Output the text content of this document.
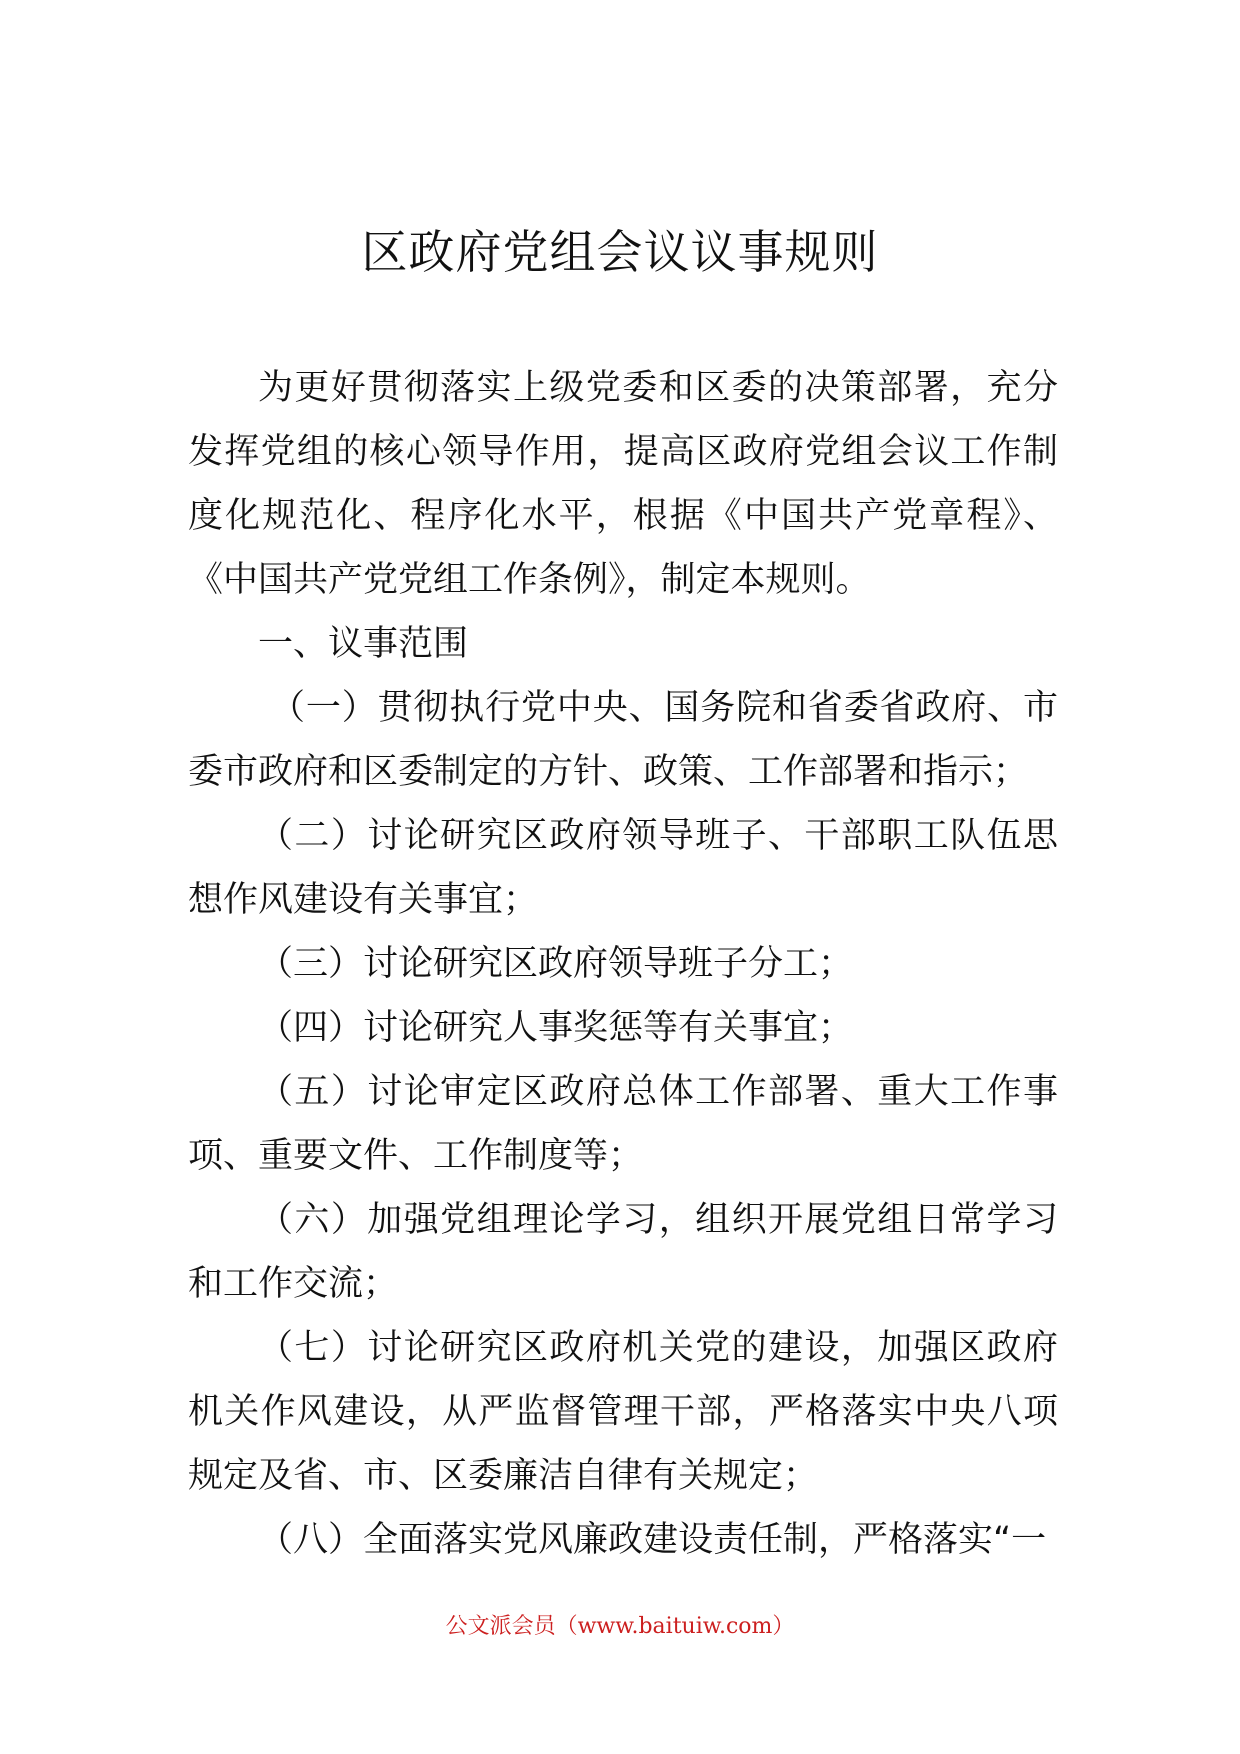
区政府党组会议议事规则

为更好贯彻落实上级党委和区委的决策部署，充分发挥党组的核心领导作用，提高区政府党组会议工作制度化规范化、程序化水平，根据《中国共产党章程》、《中国共产党党组工作条例》，制定本规则。

一、议事范围

（一）贯彻执行党中央、国务院和省委省政府、市委市政府和区委制定的方针、政策、工作部署和指示；

（二）讨论研究区政府领导班子、干部职工队伍思想作风建设有关事宜；

（三）讨论研究区政府领导班子分工；

（四）讨论研究人事奖惩等有关事宜；

（五）讨论审定区政府总体工作部署、重大工作事项、重要文件、工作制度等；

（六）加强党组理论学习，组织开展党组日常学习和工作交流；

（七）讨论研究区政府机关党的建设，加强区政府机关作风建设，从严监督管理干部，严格落实中央八项规定及省、市、区委廉洁自律有关规定；

（八）全面落实党风廉政建设责任制，严格落实“一

公文派会员（www.baituiw.com）
